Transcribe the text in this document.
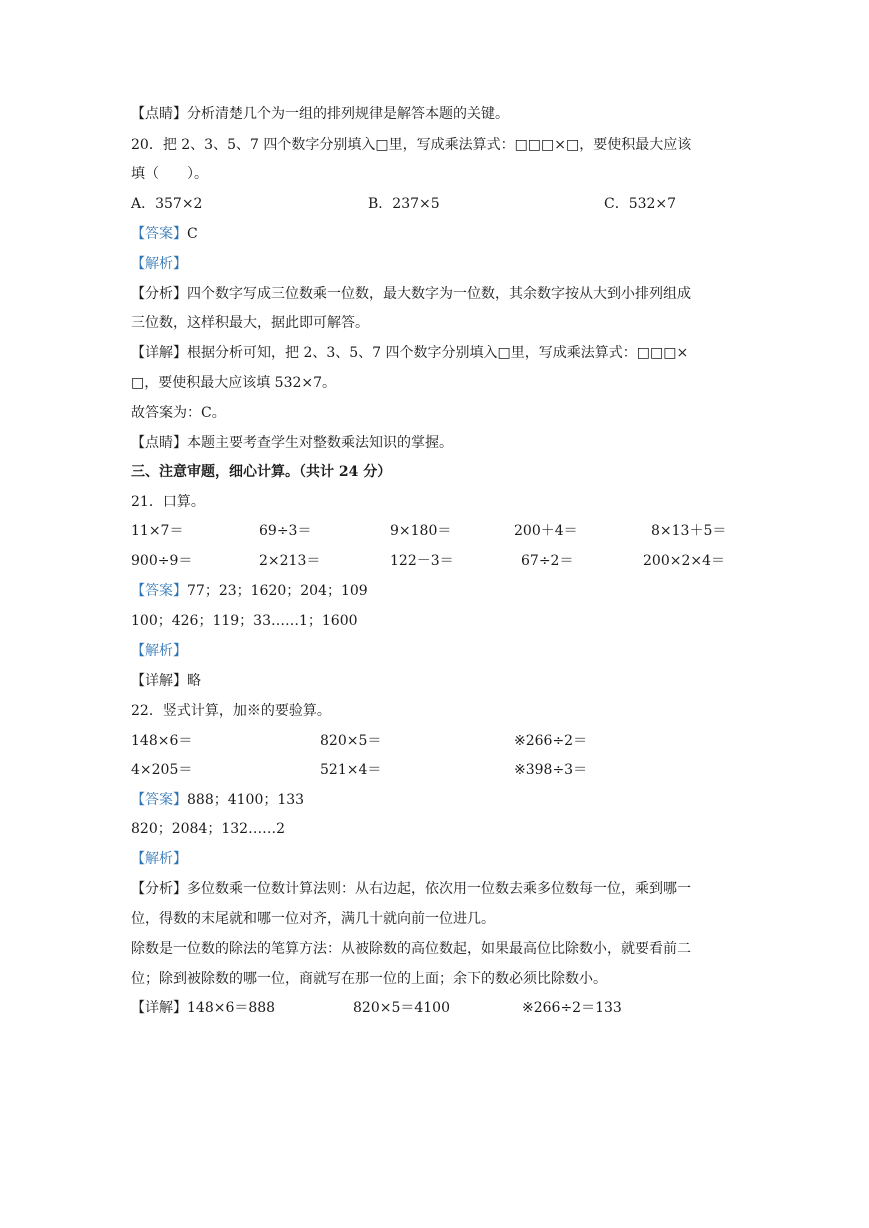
【点睛】分析清楚几个为一组的排列规律是解答本题的关键。
20．把 2、3、5、7 四个数字分别填入□里，写成乘法算式：□□□×□，要使积最大应该
填（　　）。
A．357×2	B．237×5	C．532×7
【答案】C
【解析】
【分析】四个数字写成三位数乘一位数，最大数字为一位数，其余数字按从大到小排列组成
三位数，这样积最大，据此即可解答。
【详解】根据分析可知，把 2、3、5、7 四个数字分别填入□里，写成乘法算式：□□□×
□，要使积最大应该填 532×7。
故答案为：C。
【点睛】本题主要考查学生对整数乘法知识的掌握。
三、注意审题，细心计算。（共计 24 分）
21．口算。
11×7＝	69÷3＝	9×180＝	200＋4＝	8×13＋5＝
900÷9＝	2×213＝	122－3＝	67÷2＝	200×2×4＝
【答案】77；23；1620；204；109
100；426；119；33……1；1600
【解析】
【详解】略
22．竖式计算，加※的要验算。
148×6＝	820×5＝	※266÷2＝
4×205＝	521×4＝	※398÷3＝
【答案】888；4100；133
820；2084；132……2
【解析】
【分析】多位数乘一位数计算法则：从右边起，依次用一位数去乘多位数每一位，乘到哪一
位，得数的末尾就和哪一位对齐，满几十就向前一位进几。
除数是一位数的除法的笔算方法：从被除数的高位数起，如果最高位比除数小，就要看前二
位；除到被除数的哪一位，商就写在那一位的上面；余下的数必须比除数小。
【详解】148×6＝888	820×5＝4100	※266÷2＝133
